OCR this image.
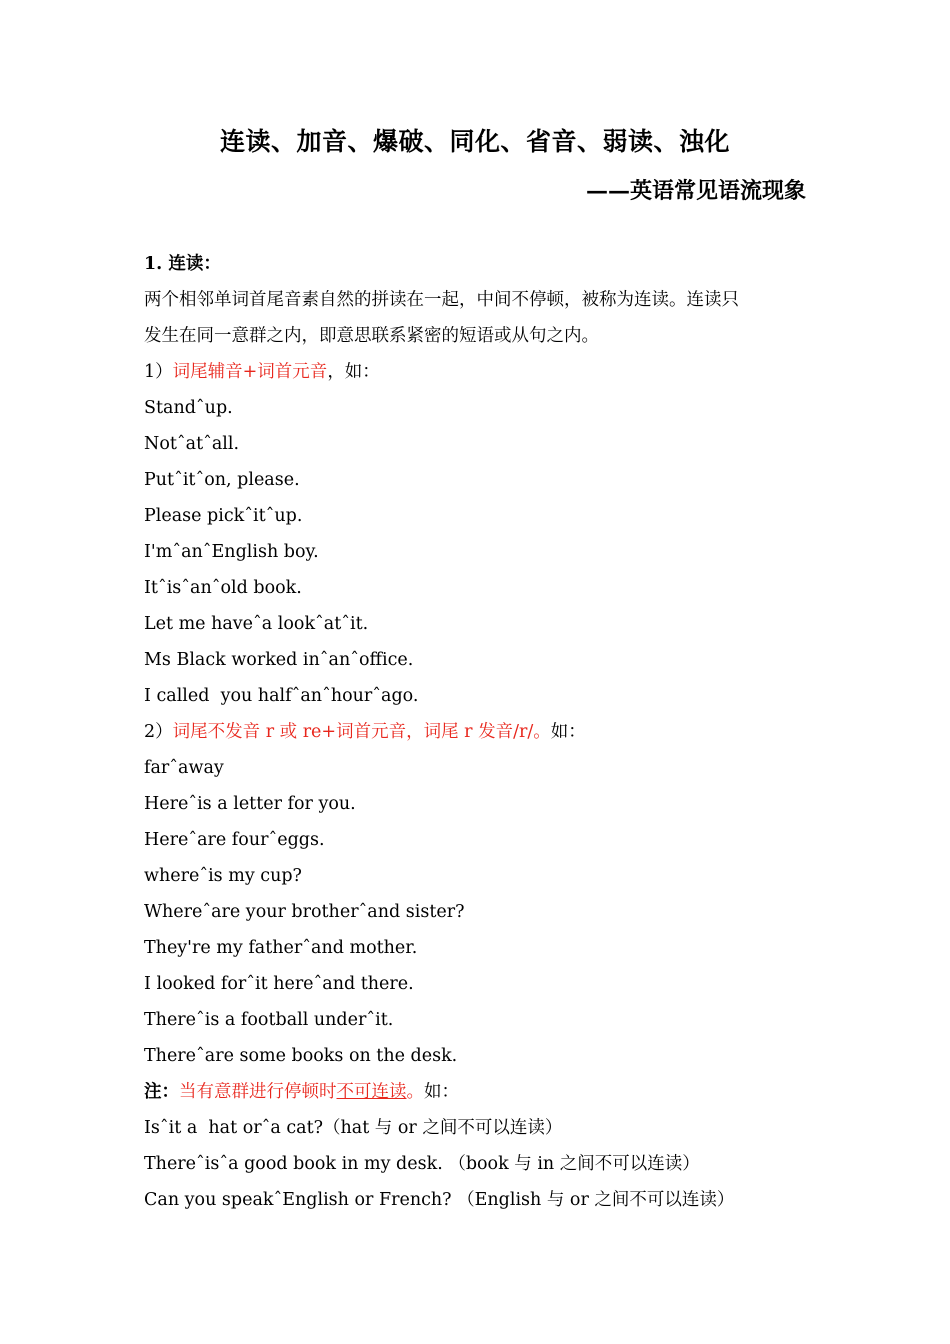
连读、加音、爆破、同化、省音、弱读、浊化
——英语常见语流现象
1. 连读：
两个相邻单词首尾音素自然的拼读在一起，中间不停顿，被称为连读。连读只
发生在同一意群之内，即意思联系紧密的短语或从句之内。
1）词尾辅音+词首元音，如：
Standˆup.
Notˆatˆall.
Putˆitˆon, please.
Please pickˆitˆup.
I'mˆanˆEnglish boy.
Itˆisˆanˆold book.
Let me haveˆa lookˆatˆit.
Ms Black worked inˆanˆoffice.
I called  you halfˆanˆhourˆago.
2）词尾不发音 r 或 re+词首元音，词尾 r 发音/r/。如：
farˆaway
Hereˆis a letter for you.
Hereˆare fourˆeggs.
whereˆis my cup?
Whereˆare your brotherˆand sister?
They're my fatherˆand mother.
I looked forˆit hereˆand there.
Thereˆis a football underˆit.
Thereˆare some books on the desk.
注：当有意群进行停顿时不可连读。如：
Isˆit a  hat orˆa cat?（hat 与 or 之间不可以连读）
Thereˆisˆa good book in my desk. （book 与 in 之间不可以连读）
Can you speakˆEnglish or French? （English 与 or 之间不可以连读）
